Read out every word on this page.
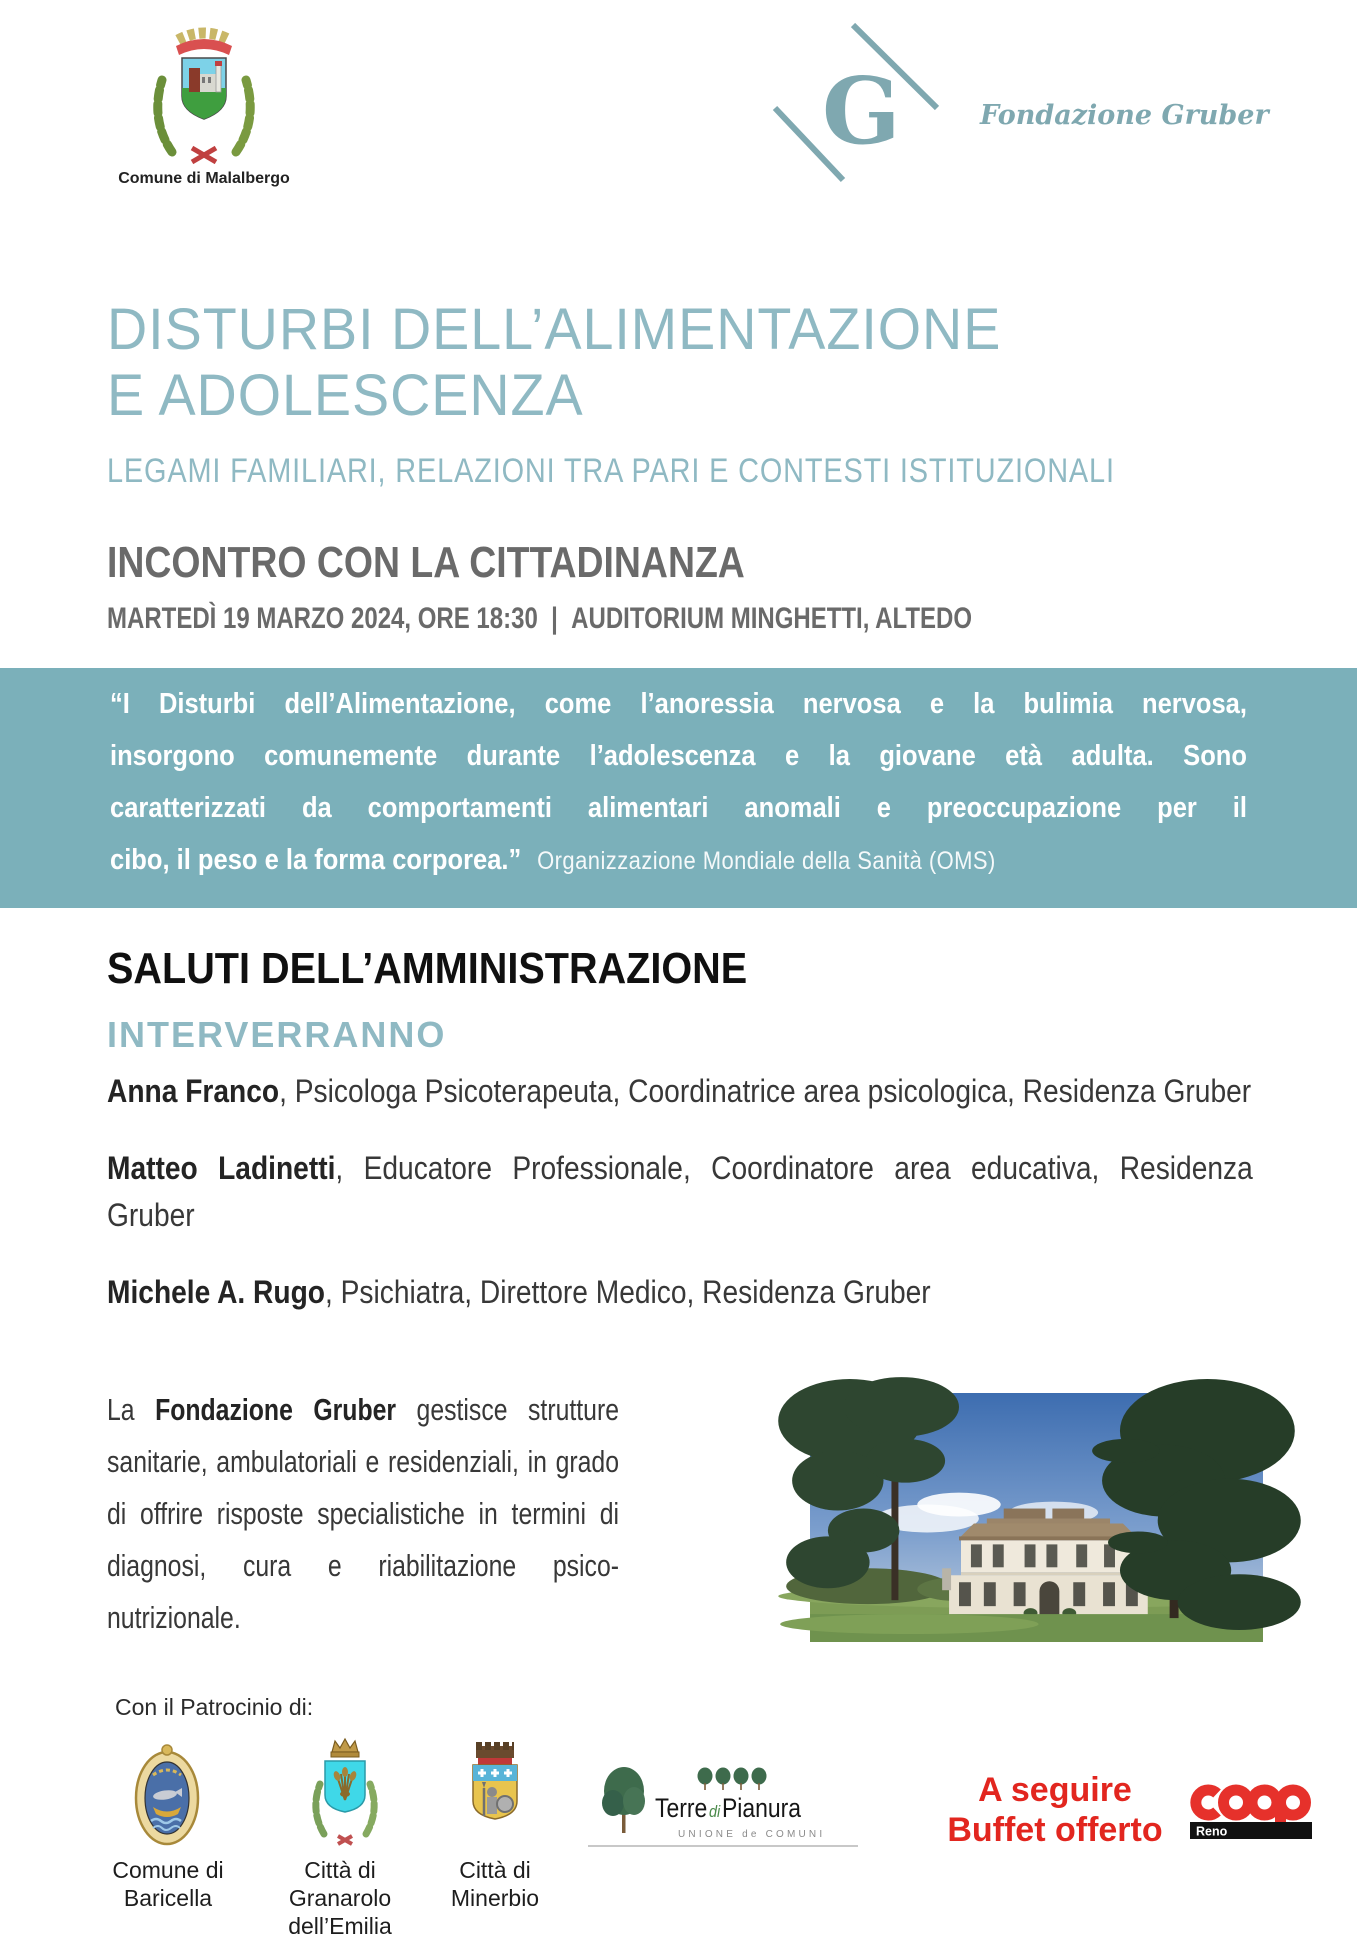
Comune di Malalbergo
G	Fondazione Gruber
DISTURBI DELL’ALIMENTAZIONE
E ADOLESCENZA
LEGAMI FAMILIARI, RELAZIONI TRA PARI E CONTESTI ISTITUZIONALI
INCONTRO CON LA CITTADINANZA
MARTEDÌ 19 MARZO 2024, ORE 18:30  |  AUDITORIUM MINGHETTI, ALTEDO
“I Disturbi dell’Alimentazione, come l’anoressia nervosa e la bulimia nervosa,
insorgono comunemente durante l’adolescenza e la giovane età adulta. Sono
caratterizzati da comportamenti alimentari anomali e preoccupazione per il
cibo, il peso e la forma corporea.” Organizzazione Mondiale della Sanità (OMS)
SALUTI DELL’AMMINISTRAZIONE
INTERVERRANNO

Anna Franco, Psicologa Psicoterapeuta, Coordinatrice area psicologica, Residenza Gruber

Matteo Ladinetti, Educatore Professionale, Coordinatore area educativa, Residenza Gruber

Michele A. Rugo, Psichiatra, Direttore Medico, Residenza Gruber

La Fondazione Gruber gestisce strutture sanitarie, ambulatoriali e residenziali, in grado di offrire risposte specialistiche in termini di diagnosi, cura e riabilitazione psico-nutrizionale.
Con il Patrocinio di:
Comune di
Baricella
Città di Granarolo
dell’Emilia
Città di
Minerbio
Terre diPianura
UNIONE de COMUNI
A seguire
Buffet offerto	Reno
